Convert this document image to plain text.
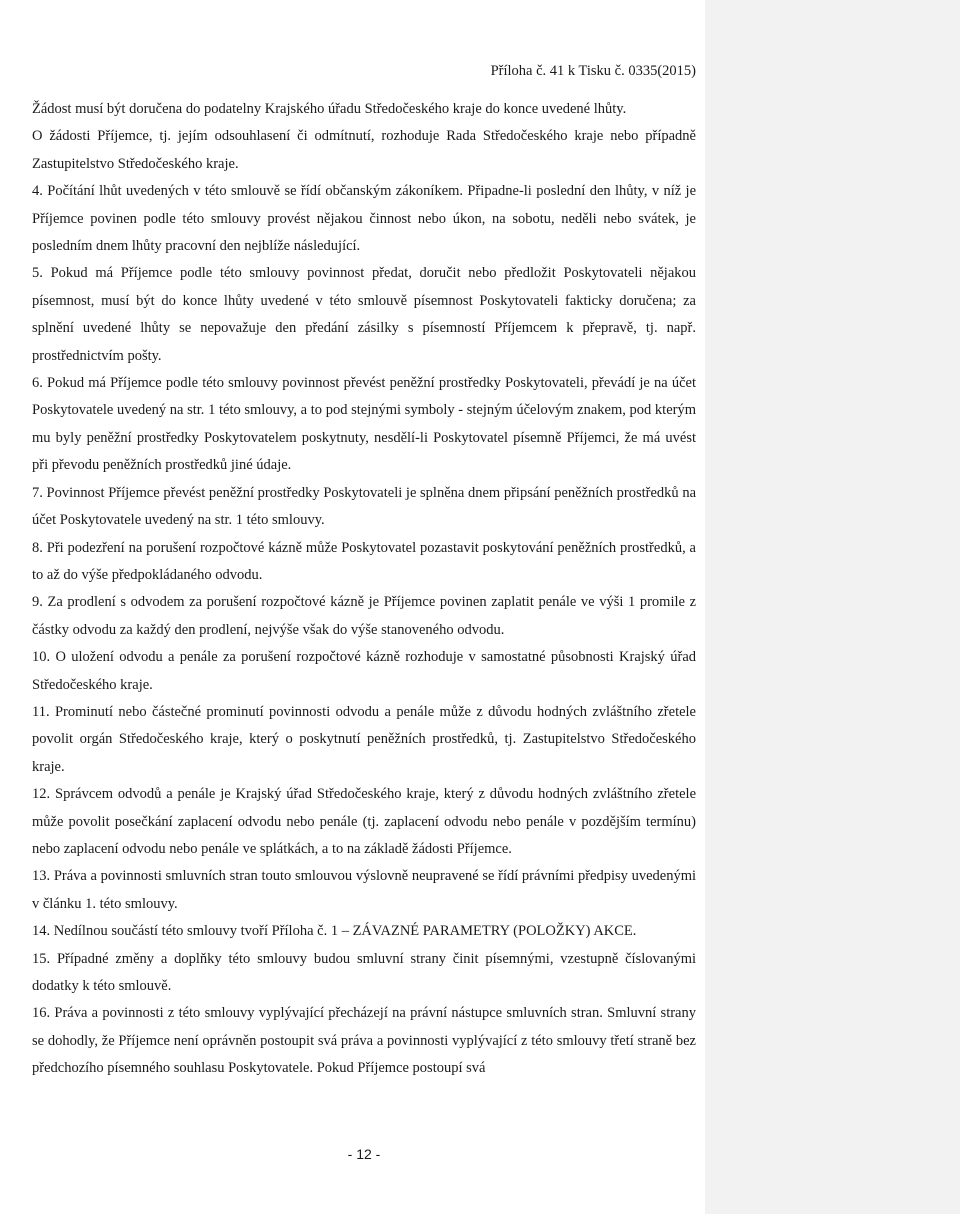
Příloha č. 41 k Tisku č. 0335(2015)

Žádost musí být doručena do podatelny Krajského úřadu Středočeského kraje do konce uvedené lhůty.

O žádosti Příjemce, tj. jejím odsouhlasení či odmítnutí, rozhoduje Rada Středočeského kraje nebo případně Zastupitelstvo Středočeského kraje.

4. Počítání lhůt uvedených v této smlouvě se řídí občanským zákoníkem. Připadne-li poslední den lhůty, v níž je Příjemce povinen podle této smlouvy provést nějakou činnost nebo úkon, na sobotu, neděli nebo svátek, je posledním dnem lhůty pracovní den nejblíže následující.

5. Pokud má Příjemce podle této smlouvy povinnost předat, doručit nebo předložit Poskytovateli nějakou písemnost, musí být do konce lhůty uvedené v této smlouvě písemnost Poskytovateli fakticky doručena; za splnění uvedené lhůty se nepovažuje den předání zásilky s písemností Příjemcem k přepravě, tj. např. prostřednictvím pošty.

6. Pokud má Příjemce podle této smlouvy povinnost převést peněžní prostředky Poskytovateli, převádí je na účet Poskytovatele uvedený na str. 1 této smlouvy, a to pod stejnými symboly - stejným účelovým znakem, pod kterým mu byly peněžní prostředky Poskytovatelem poskytnuty, nesdělí-li Poskytovatel písemně Příjemci, že má uvést při převodu peněžních prostředků jiné údaje.

7. Povinnost Příjemce převést peněžní prostředky Poskytovateli je splněna dnem připsání peněžních prostředků na účet Poskytovatele uvedený na str. 1 této smlouvy.

8. Při podezření na porušení rozpočtové kázně může Poskytovatel pozastavit poskytování peněžních prostředků, a to až do výše předpokládaného odvodu.

9. Za prodlení s odvodem za porušení rozpočtové kázně je Příjemce povinen zaplatit penále ve výši 1 promile z částky odvodu za každý den prodlení, nejvýše však do výše stanoveného odvodu.

10. O uložení odvodu a penále za porušení rozpočtové kázně rozhoduje v samostatné působnosti Krajský úřad Středočeského kraje.

11. Prominutí nebo částečné prominutí povinnosti odvodu a penále může z důvodu hodných zvláštního zřetele povolit orgán Středočeského kraje, který o poskytnutí peněžních prostředků, tj. Zastupitelstvo Středočeského kraje.

12. Správcem odvodů a penále je Krajský úřad Středočeského kraje, který z důvodu hodných zvláštního zřetele může povolit posečkání zaplacení odvodu nebo penále (tj. zaplacení odvodu nebo penále v pozdějším termínu) nebo zaplacení odvodu nebo penále ve splátkách, a to na základě žádosti Příjemce.

13. Práva a povinnosti smluvních stran touto smlouvou výslovně neupravené se řídí právními předpisy uvedenými v článku 1. této smlouvy.

14. Nedílnou součástí této smlouvy tvoří Příloha č. 1 – ZÁVAZNÉ PARAMETRY (POLOŽKY) AKCE.

15. Případné změny a doplňky této smlouvy budou smluvní strany činit písemnými, vzestupně číslovanými dodatky k této smlouvě.

16. Práva a povinnosti z této smlouvy vyplývající přecházejí na právní nástupce smluvních stran. Smluvní strany se dohodly, že Příjemce není oprávněn postoupit svá práva a povinnosti vyplývající z této smlouvy třetí straně bez předchozího písemného souhlasu Poskytovatele. Pokud Příjemce postoupí svá

- 12 -
